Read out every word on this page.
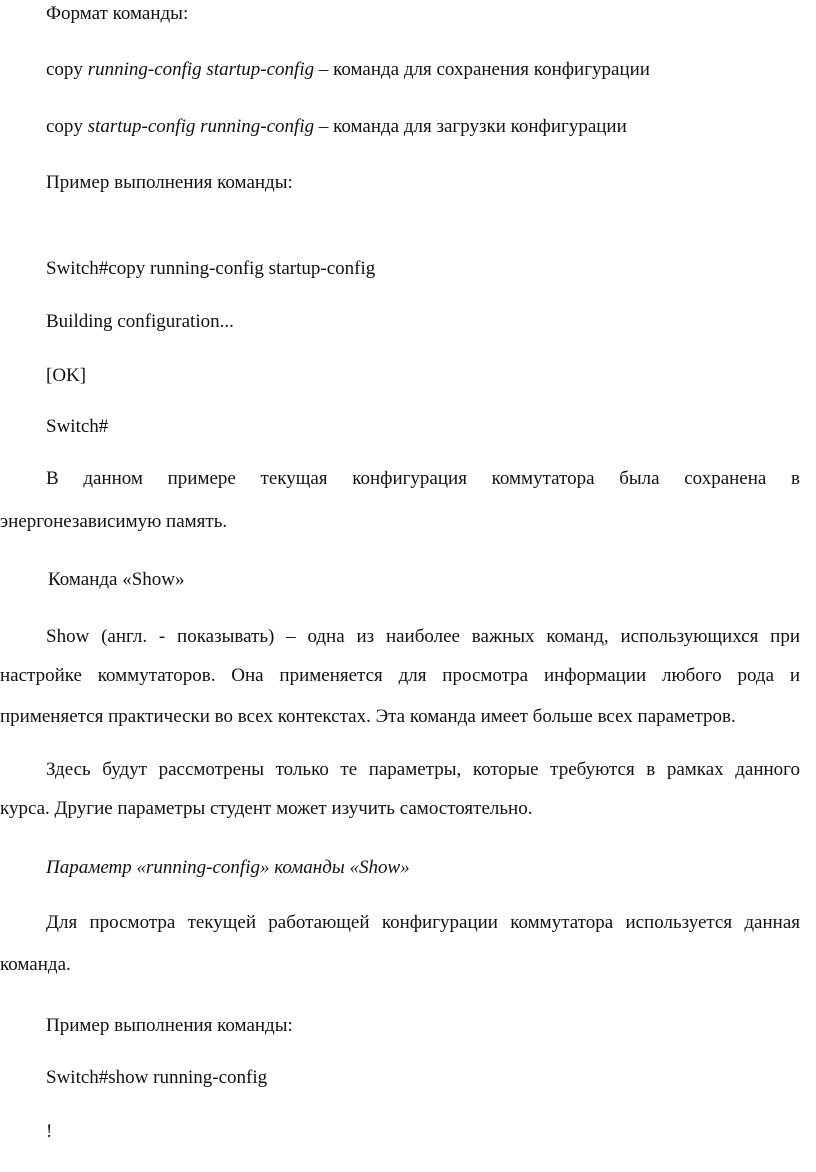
Формат команды:
copy running-config startup-config – команда для сохранения конфигурации
copy startup-config running-config – команда для загрузки конфигурации
Пример выполнения команды:
Switch#copy running-config startup-config
Building configuration...
[OK]
Switch#
В данном примере текущая конфигурация коммутатора была сохранена в
энергонезависимую память.
Команда «Show»
Show (англ. - показывать) – одна из наиболее важных команд, использующихся при
настройке коммутаторов. Она применяется для просмотра информации любого рода и
применяется практически во всех контекстах. Эта команда имеет больше всех параметров.
Здесь будут рассмотрены только те параметры, которые требуются в рамках данного
курса. Другие параметры студент может изучить самостоятельно.
Параметр «running-config» команды «Show»
Для просмотра текущей работающей конфигурации коммутатора используется данная
команда.
Пример выполнения команды:
Switch#show running-config
!
